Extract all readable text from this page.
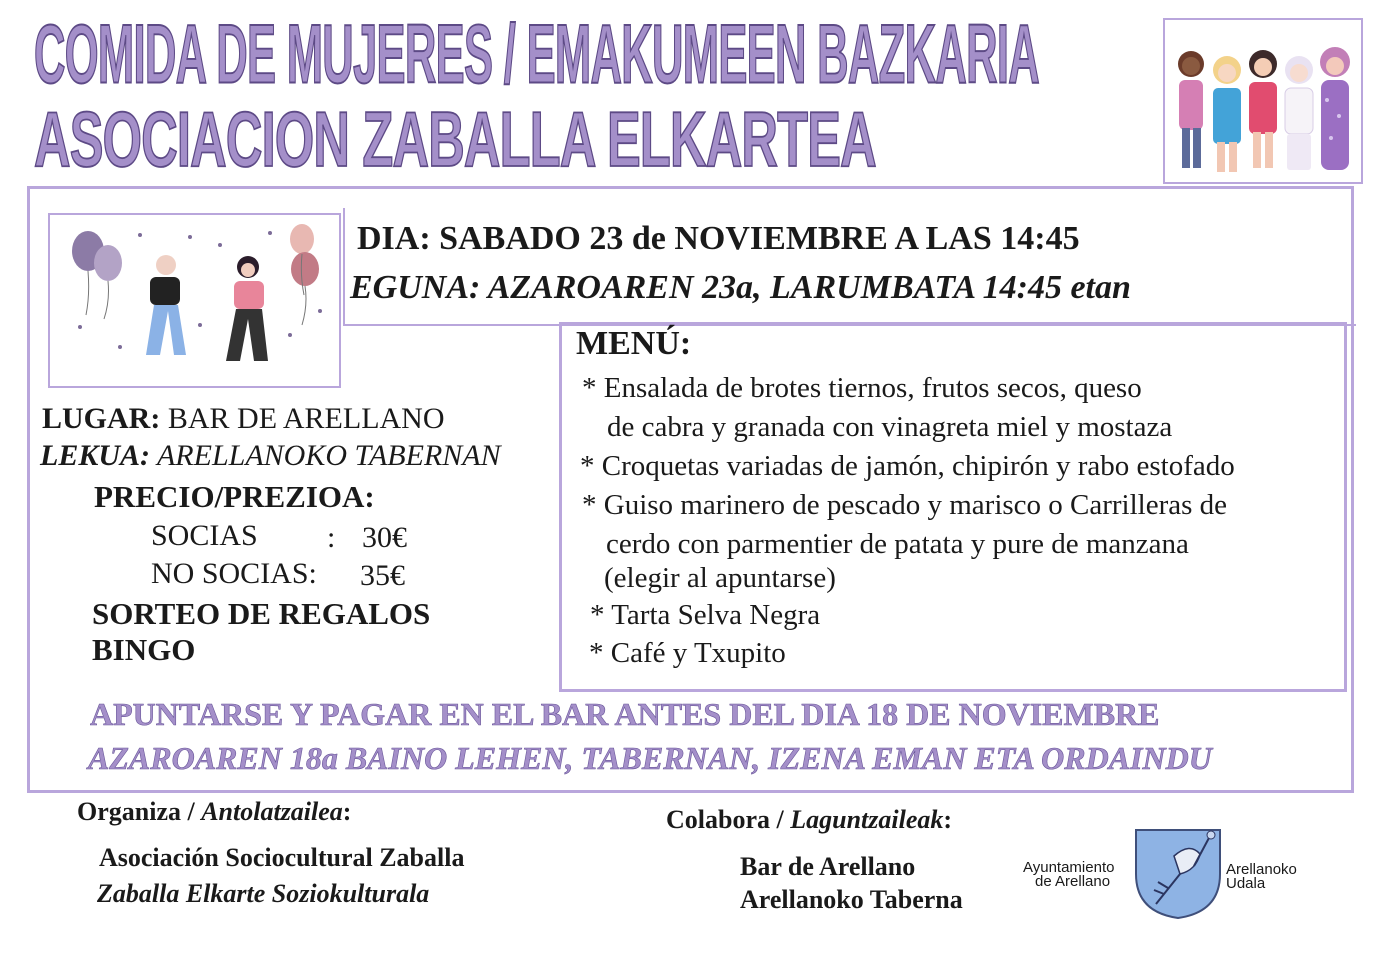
COMIDA DE MUJERES / EMAKUMEEN BAZKARIA
ASOCIACION ZABALLA ELKARTEA
DIA: SABADO 23 de NOVIEMBRE A LAS 14:45
EGUNA: AZAROAREN 23a, LARUMBATA 14:45 etan
LUGAR: BAR DE ARELLANO
LEKUA: ARELLANOKO TABERNAN
PRECIO/PREZIOA:
SOCIAS : 30€
NO SOCIAS: 35€
SORTEO DE REGALOS
BINGO
MENÚ:
* Ensalada de brotes tiernos, frutos secos, queso
de cabra y granada con vinagreta miel y mostaza
* Croquetas variadas de jamón, chipirón y rabo estofado
* Guiso marinero de pescado y marisco o Carrilleras de
cerdo con parmentier de patata y pure de manzana
(elegir al apuntarse)
* Tarta Selva Negra
* Café y Txupito
APUNTARSE Y PAGAR EN EL BAR ANTES DEL DIA 18 DE NOVIEMBRE
AZAROAREN 18a BAINO LEHEN, TABERNAN, IZENA EMAN ETA ORDAINDU
Organiza / Antolatzailea:
Asociación Sociocultural Zaballa
Zaballa Elkarte Soziokulturala
Colabora / Laguntzaileak:
Bar de Arellano
Arellanoko Taberna
Ayuntamiento
de Arellano
Arellanoko
Udala
